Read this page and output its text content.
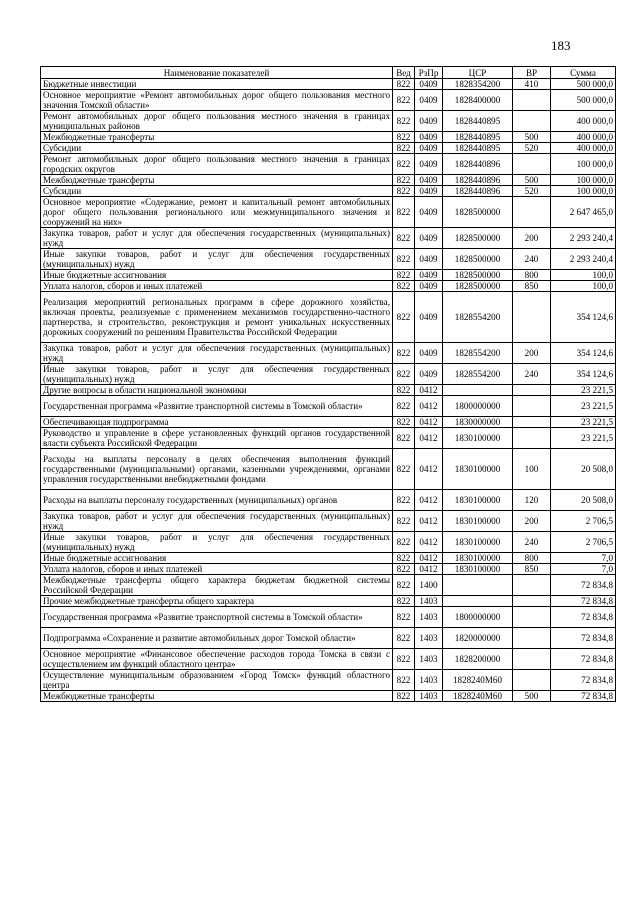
183
Наименование показателей	Вед	РзПр	ЦСР	ВР	Сумма
Бюджетные инвестиции	822	0409	1828354200	410	500 000,0
Основное мероприятие «Ремонт автомобильных дорог общего пользования местного значения Томской области»	822	0409	1828400000		500 000,0
Ремонт автомобильных дорог общего пользования местного значения в границах муниципальных районов	822	0409	1828440895		400 000,0
Межбюджетные трансферты	822	0409	1828440895	500	400 000,0
Субсидии	822	0409	1828440895	520	400 000,0
Ремонт автомобильных дорог общего пользования местного значения в границах городских округов	822	0409	1828440896		100 000,0
Межбюджетные трансферты	822	0409	1828440896	500	100 000,0
Субсидии	822	0409	1828440896	520	100 000,0
Основное мероприятие «Содержание, ремонт и капитальный ремонт автомобильных дорог общего пользования регионального или межмуниципального значения и сооружений на них»	822	0409	1828500000		2 647 465,0
Закупка товаров, работ и услуг для обеспечения государственных (муниципальных) нужд	822	0409	1828500000	200	2 293 240,4
Иные закупки товаров, работ и услуг для обеспечения государственных (муниципальных) нужд	822	0409	1828500000	240	2 293 240,4
Иные бюджетные ассигнования	822	0409	1828500000	800	100,0
Уплата налогов, сборов и иных платежей	822	0409	1828500000	850	100,0
Реализация мероприятий региональных программ в сфере дорожного хозяйства, включая проекты, реализуемые с применением механизмов государственно-частного партнерства, и строительство, реконструкция и ремонт уникальных искусственных дорожных сооружений по решениям Правительства Российской Федерации	822	0409	1828554200		354 124,6
Закупка товаров, работ и услуг для обеспечения государственных (муниципальных) нужд	822	0409	1828554200	200	354 124,6
Иные закупки товаров, работ и услуг для обеспечения государственных (муниципальных) нужд	822	0409	1828554200	240	354 124,6
Другие вопросы в области национальной экономики	822	0412			23 221,5
Государственная программа «Развитие транспортной системы в Томской области»	822	0412	1800000000		23 221,5
Обеспечивающая подпрограмма	822	0412	1830000000		23 221,5
Руководство и управление в сфере установленных функций органов государственной власти субъекта Российской Федерации	822	0412	1830100000		23 221,5
Расходы на выплаты персоналу в целях обеспечения выполнения функций государственными (муниципальными) органами, казенными учреждениями, органами управления государственными внебюджетными фондами	822	0412	1830100000	100	20 508,0
Расходы на выплаты персоналу государственных (муниципальных) органов	822	0412	1830100000	120	20 508,0
Закупка товаров, работ и услуг для обеспечения государственных (муниципальных) нужд	822	0412	1830100000	200	2 706,5
Иные закупки товаров, работ и услуг для обеспечения государственных (муниципальных) нужд	822	0412	1830100000	240	2 706,5
Иные бюджетные ассигнования	822	0412	1830100000	800	7,0
Уплата налогов, сборов и иных платежей	822	0412	1830100000	850	7,0
Межбюджетные трансферты общего характера бюджетам бюджетной системы Российской Федерации	822	1400			72 834,8
Прочие межбюджетные трансферты общего характера	822	1403			72 834,8
Государственная программа «Развитие транспортной системы в Томской области»	822	1403	1800000000		72 834,8
Подпрограмма «Сохранение и развитие автомобильных дорог Томской области»	822	1403	1820000000		72 834,8
Основное мероприятие «Финансовое обеспечение расходов города Томска в связи с осуществлением им функций областного центра»	822	1403	1828200000		72 834,8
Осуществление муниципальным образованием «Город Томск» функций областного центра	822	1403	1828240М60		72 834,8
Межбюджетные трансферты	822	1403	1828240М60	500	72 834,8
